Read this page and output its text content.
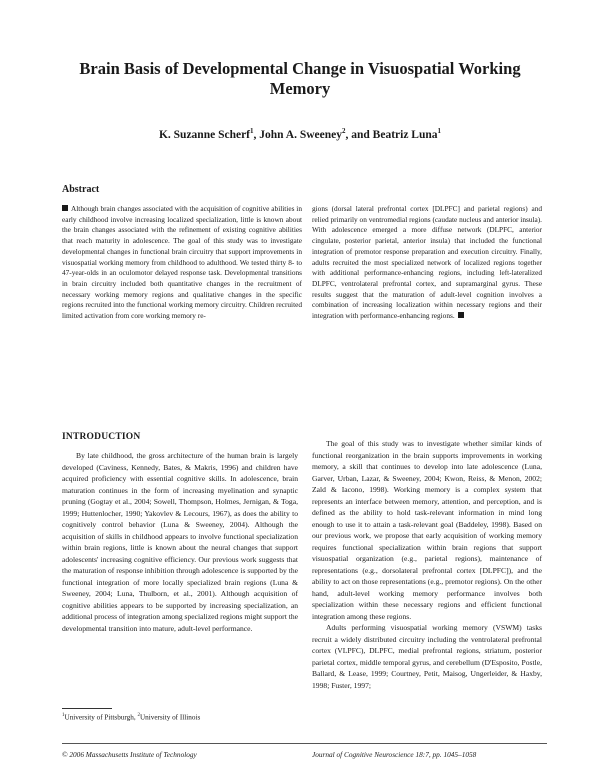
Brain Basis of Developmental Change in Visuospatial Working Memory
K. Suzanne Scherf$^1$, John A. Sweeney$^2$, and Beatriz Luna$^1$
Abstract

Although brain changes associated with the acquisition of cognitive abilities in early childhood involve increasing localized specialization, little is known about the brain changes associated with the refinement of existing cognitive abilities that reach maturity in adolescence. The goal of this study was to investigate developmental changes in functional brain circuitry that support improvements in visuospatial working memory from childhood to adulthood. We tested thirty 8- to 47-year-olds in an oculomotor delayed response task. Developmental transitions in brain circuitry included both quantitative changes in the recruitment of necessary working memory regions and qualitative changes in the specific regions recruited into the functional working memory circuitry. Children recruited limited activation from core working memory re-

gions (dorsal lateral prefrontal cortex [DLPFC] and parietal regions) and relied primarily on ventromedial regions (caudate nucleus and anterior insula). With adolescence emerged a more diffuse network (DLPFC, anterior cingulate, posterior parietal, anterior insula) that included the functional integration of premotor response preparation and execution circuitry. Finally, adults recruited the most specialized network of localized regions together with additional performance-enhancing regions, including left-lateralized DLPFC, ventrolateral prefrontal cortex, and supramarginal gyrus. These results suggest that the maturation of adult-level cognition involves a combination of increasing localization within necessary regions and their integration with performance-enhancing regions.

INTRODUCTION

By late childhood, the gross architecture of the human brain is largely developed (Caviness, Kennedy, Bates, & Makris, 1996) and children have acquired proficiency with essential cognitive skills. In adolescence, brain maturation continues in the form of increasing myelination and synaptic pruning (Gogtay et al., 2004; Sowell, Thompson, Holmes, Jernigan, & Toga, 1999; Huttenlocher, 1990; Yakovlev & Lecours, 1967), as does the ability to cognitively control behavior (Luna & Sweeney, 2004). Although the acquisition of skills in childhood appears to involve functional specialization within brain regions, little is known about the neural changes that support adolescents' increasing cognitive efficiency. Our previous work suggests that the maturation of response inhibition through adolescence is supported by the functional integration of more locally specialized brain regions (Luna & Sweeney, 2004; Luna, Thulborn, et al., 2001). Although acquisition of cognitive abilities appears to be supported by increasing specialization, an additional process of integration among specialized regions might support the developmental transition into mature, adult-level performance.

The goal of this study was to investigate whether similar kinds of functional reorganization in the brain supports improvements in working memory, a skill that continues to develop into late adolescence (Luna, Garver, Urban, Lazar, & Sweeney, 2004; Kwon, Reiss, & Menon, 2002; Zald & Iacono, 1998). Working memory is a complex system that represents an interface between memory, attention, and perception, and is defined as the ability to hold task-relevant information in mind long enough to use it to attain a task-relevant goal (Baddeley, 1998). Based on our previous work, we propose that early acquisition of working memory requires functional specialization within brain regions that support visuospatial organization (e.g., parietal regions), maintenance of representations (e.g., dorsolateral prefrontal cortex [DLPFC]), and the ability to act on those representations (e.g., premotor regions). On the other hand, adult-level working memory performance involves both specialization within these necessary regions and efficient functional integration among these regions.
Adults performing visuospatial working memory (VSWM) tasks recruit a widely distributed circuitry including the ventrolateral prefrontal cortex (VLPFC), DLPFC, medial prefrontal regions, striatum, posterior parietal cortex, middle temporal gyrus, and cerebellum (D'Esposito, Postle, Ballard, & Lease, 1999; Courtney, Petit, Maisog, Ungerleider, & Haxby, 1998; Fuster, 1997;

$^1$University of Pittsburgh, $^2$University of Illinois
© 2006 Massachusetts Institute of Technology	Journal of Cognitive Neuroscience 18:7, pp. 1045–1058
